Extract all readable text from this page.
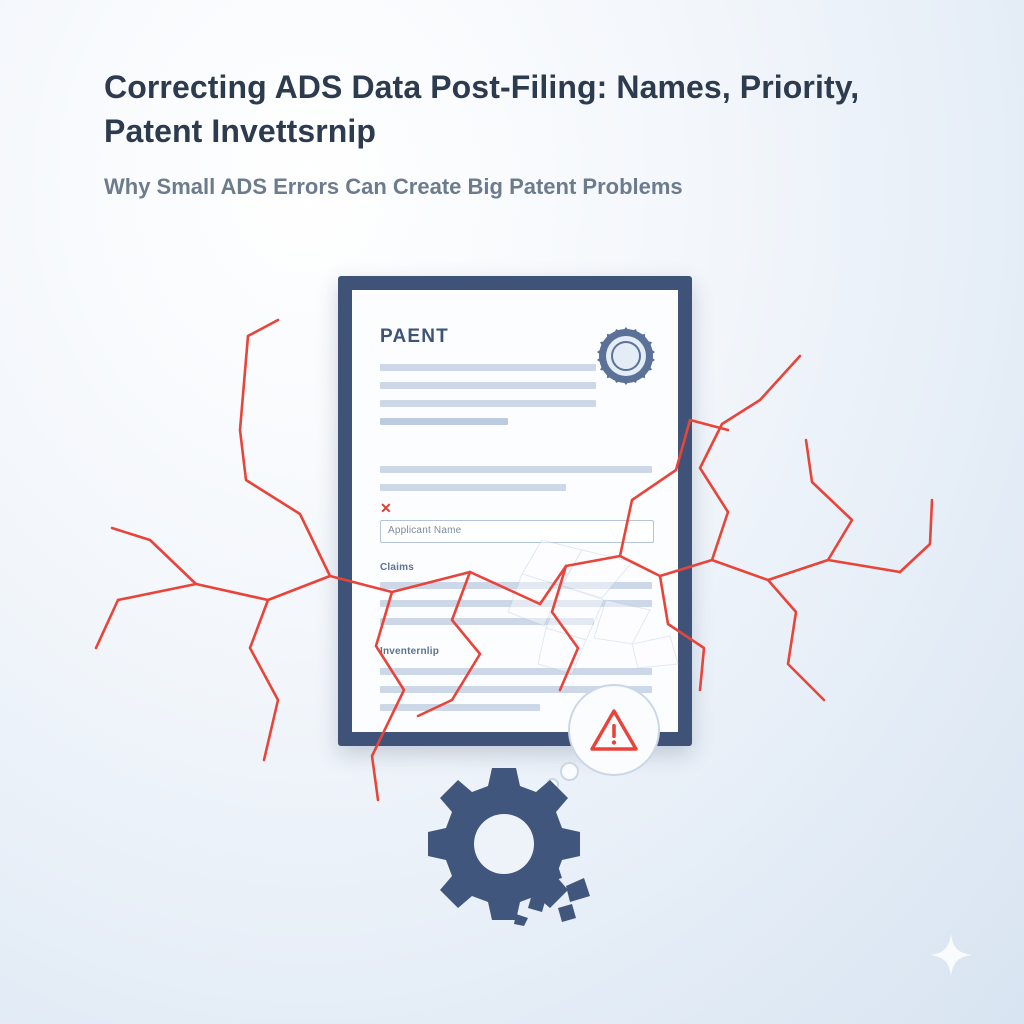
Correcting ADS Data Post-Filing: Names, Priority, Patent Invettsrnip

Why Small ADS Errors Can Create Big Patent Problems

PAENT
✕
Applicant Name
Claims
Inventernlip
